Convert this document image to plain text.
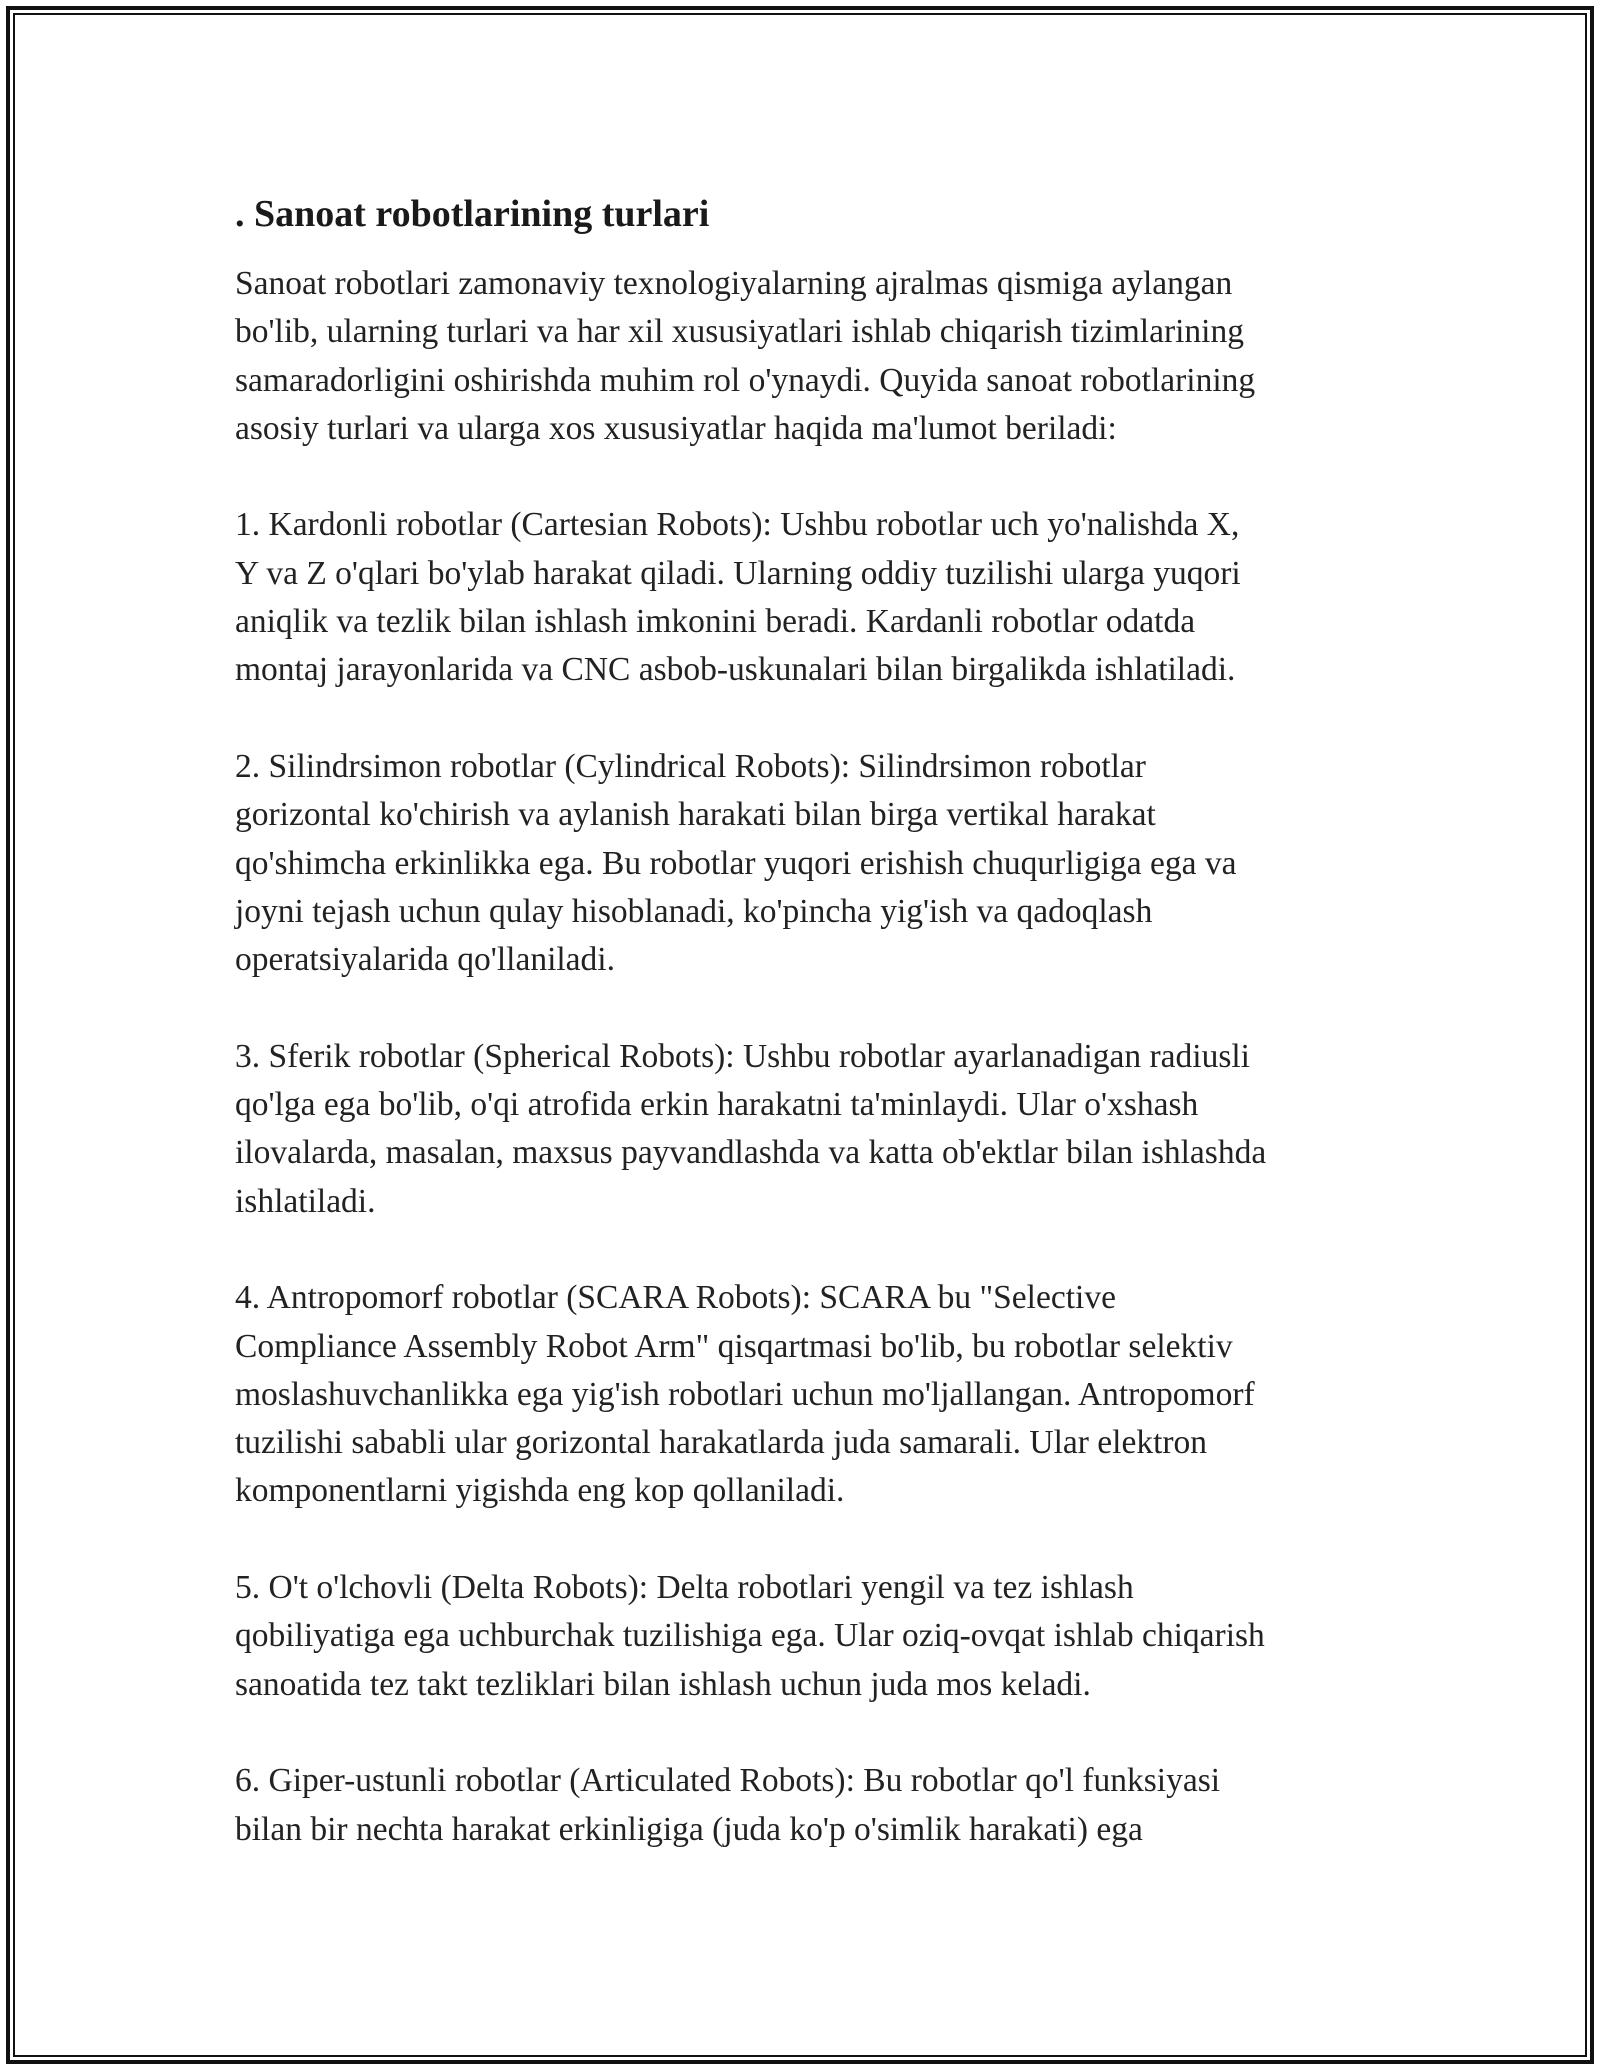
. Sanoat robotlarining turlari

Sanoat robotlari zamonaviy texnologiyalarning ajralmas qismiga aylangan
bo'lib, ularning turlari va har xil xususiyatlari ishlab chiqarish tizimlarining
samaradorligini oshirishda muhim rol o'ynaydi. Quyida sanoat robotlarining
asosiy turlari va ularga xos xususiyatlar haqida ma'lumot beriladi:

1. Kardonli robotlar (Cartesian Robots): Ushbu robotlar uch yo'nalishda X,
Y va Z o'qlari bo'ylab harakat qiladi. Ularning oddiy tuzilishi ularga yuqori
aniqlik va tezlik bilan ishlash imkonini beradi. Kardanli robotlar odatda
montaj jarayonlarida va CNC asbob-uskunalari bilan birgalikda ishlatiladi.

2. Silindrsimon robotlar (Cylindrical Robots): Silindrsimon robotlar
gorizontal ko'chirish va aylanish harakati bilan birga vertikal harakat
qo'shimcha erkinlikka ega. Bu robotlar yuqori erishish chuqurligiga ega va
joyni tejash uchun qulay hisoblanadi, ko'pincha yig'ish va qadoqlash
operatsiyalarida qo'llaniladi.

3. Sferik robotlar (Spherical Robots): Ushbu robotlar ayarlanadigan radiusli
qo'lga ega bo'lib, o'qi atrofida erkin harakatni ta'minlaydi. Ular o'xshash
ilovalarda, masalan, maxsus payvandlashda va katta ob'ektlar bilan ishlashda
ishlatiladi.

4. Antropomorf robotlar (SCARA Robots): SCARA bu "Selective
Compliance Assembly Robot Arm" qisqartmasi bo'lib, bu robotlar selektiv
moslashuvchanlikka ega yig'ish robotlari uchun mo'ljallangan. Antropomorf
tuzilishi sababli ular gorizontal harakatlarda juda samarali. Ular elektron
komponentlarni yigishda eng kop qollaniladi.

5. O't o'lchovli (Delta Robots): Delta robotlari yengil va tez ishlash
qobiliyatiga ega uchburchak tuzilishiga ega. Ular oziq-ovqat ishlab chiqarish
sanoatida tez takt tezliklari bilan ishlash uchun juda mos keladi.

6. Giper-ustunli robotlar (Articulated Robots): Bu robotlar qo'l funksiyasi
bilan bir nechta harakat erkinligiga (juda ko'p o'simlik harakati) ega
